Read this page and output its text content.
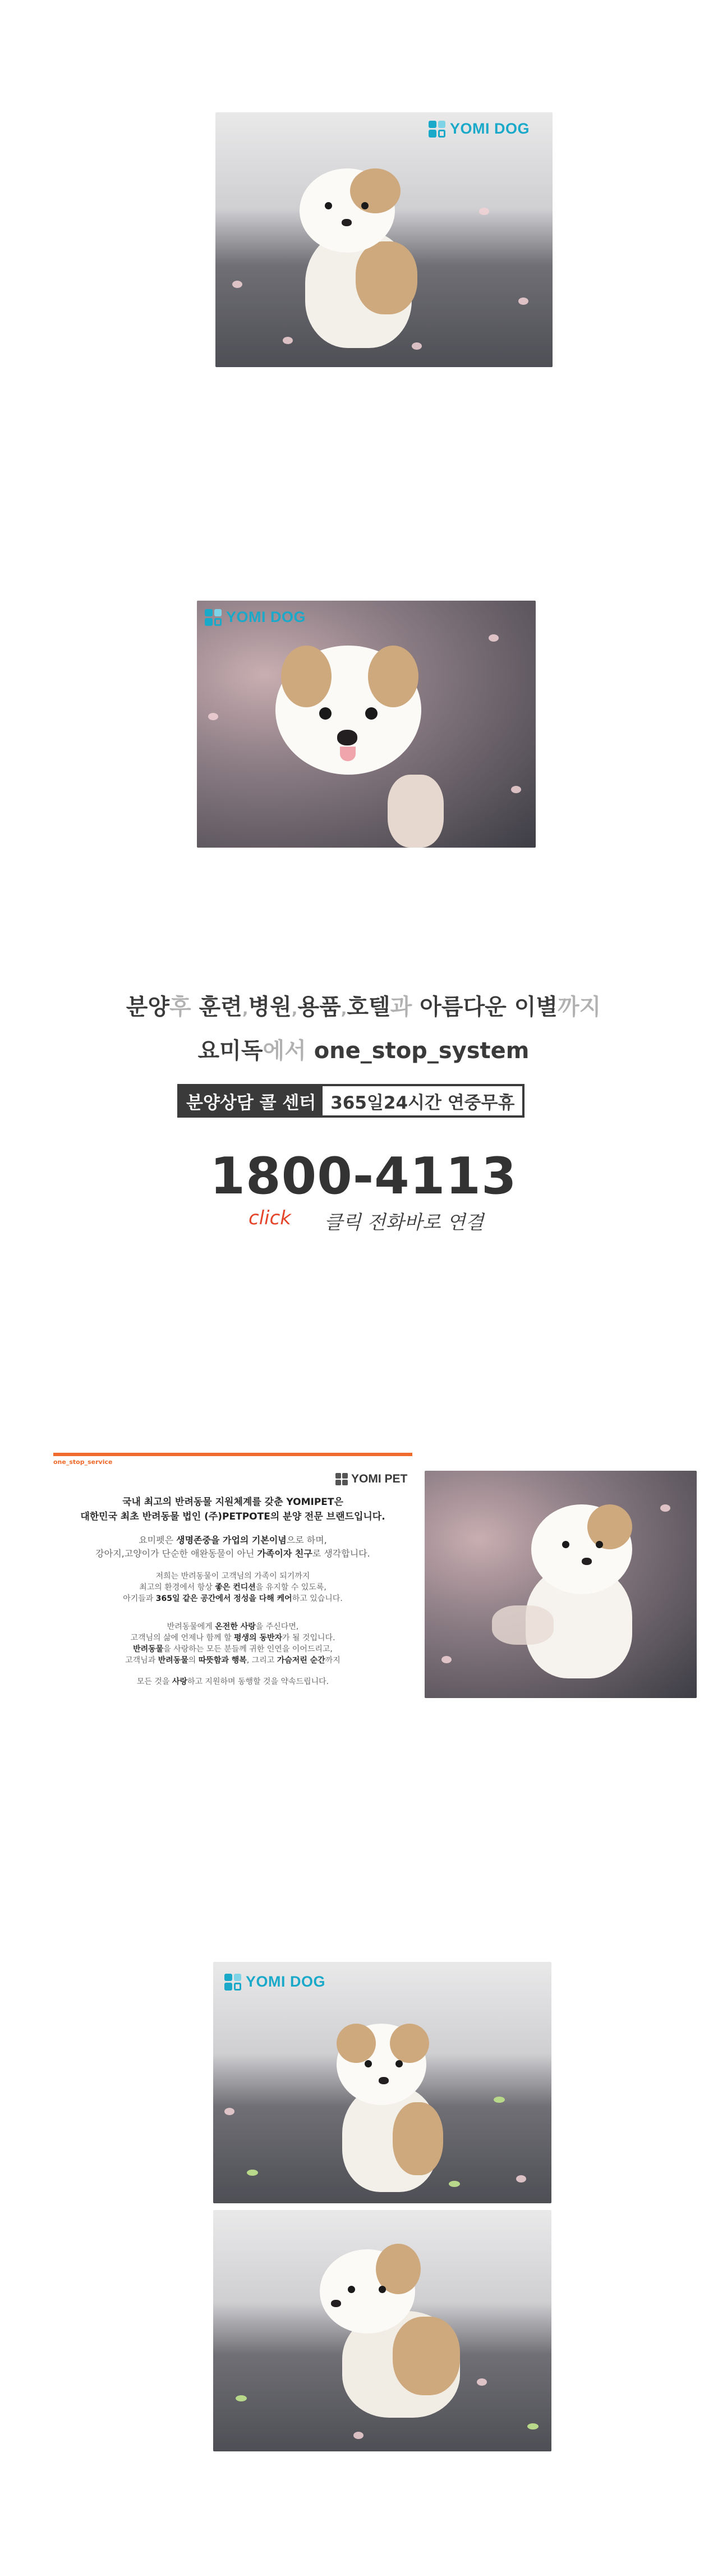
YOMI DOG
YOMI DOG
분양후 훈련,병원,용품,호텔과 아름다운 이별까지
요미독에서 one_stop_system
분양상담 콜 센터 365일24시간 연중무휴
1800-4113
click 클릭 전화바로 연결
one_stop_service
YOMI PET
국내 최고의 반려동물 지원체계를 갖춘 YOMIPET은
대한민국 최초 반려동물 법인 (주)PETPOTE의 분양 전문 브랜드입니다.
요미펫은 생명존중을 가업의 기본이념으로 하며,
강아지,고양이가 단순한 애완동물이 아닌 가족이자 친구로 생각합니다.
저희는 반려동물이 고객님의 가족이 되기까지
최고의 환경에서 항상 좋은 컨디션을 유지할 수 있도록,
아기들과 365일 같은 공간에서 정성을 다해 케어하고 있습니다.
반려동물에게 온전한 사랑을 주신다면,
고객님의 삶에 언제나 함께 할 평생의 동반자가 될 것입니다.
반려동물을 사랑하는 모든 분들께 귀한 인연을 이어드리고,
고객님과 반려동물의 따뜻함과 행복, 그리고 가슴저린 순간까지
모든 것을 사랑하고 지원하며 동행할 것을 약속드립니다.
YOMI DOG
